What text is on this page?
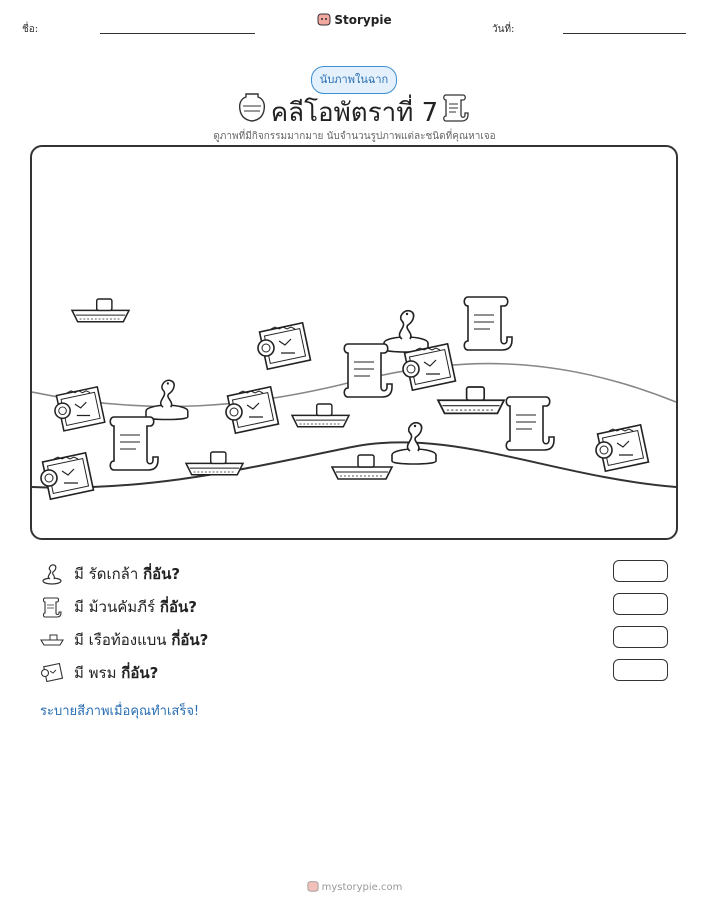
ชื่อ:
Storypie
วันที่:
นับภาพในฉาก
คลีโอพัตราที่ 7
ดูภาพที่มีกิจกรรมมากมาย นับจำนวนรูปภาพแต่ละชนิดที่คุณหาเจอ
มี รัดเกล้า กี่อัน?
มี ม้วนคัมภีร์ กี่อัน?
มี เรือท้องแบน กี่อัน?
มี พรม กี่อัน?
ระบายสีภาพเมื่อคุณทำเสร็จ!
mystorypie.com
